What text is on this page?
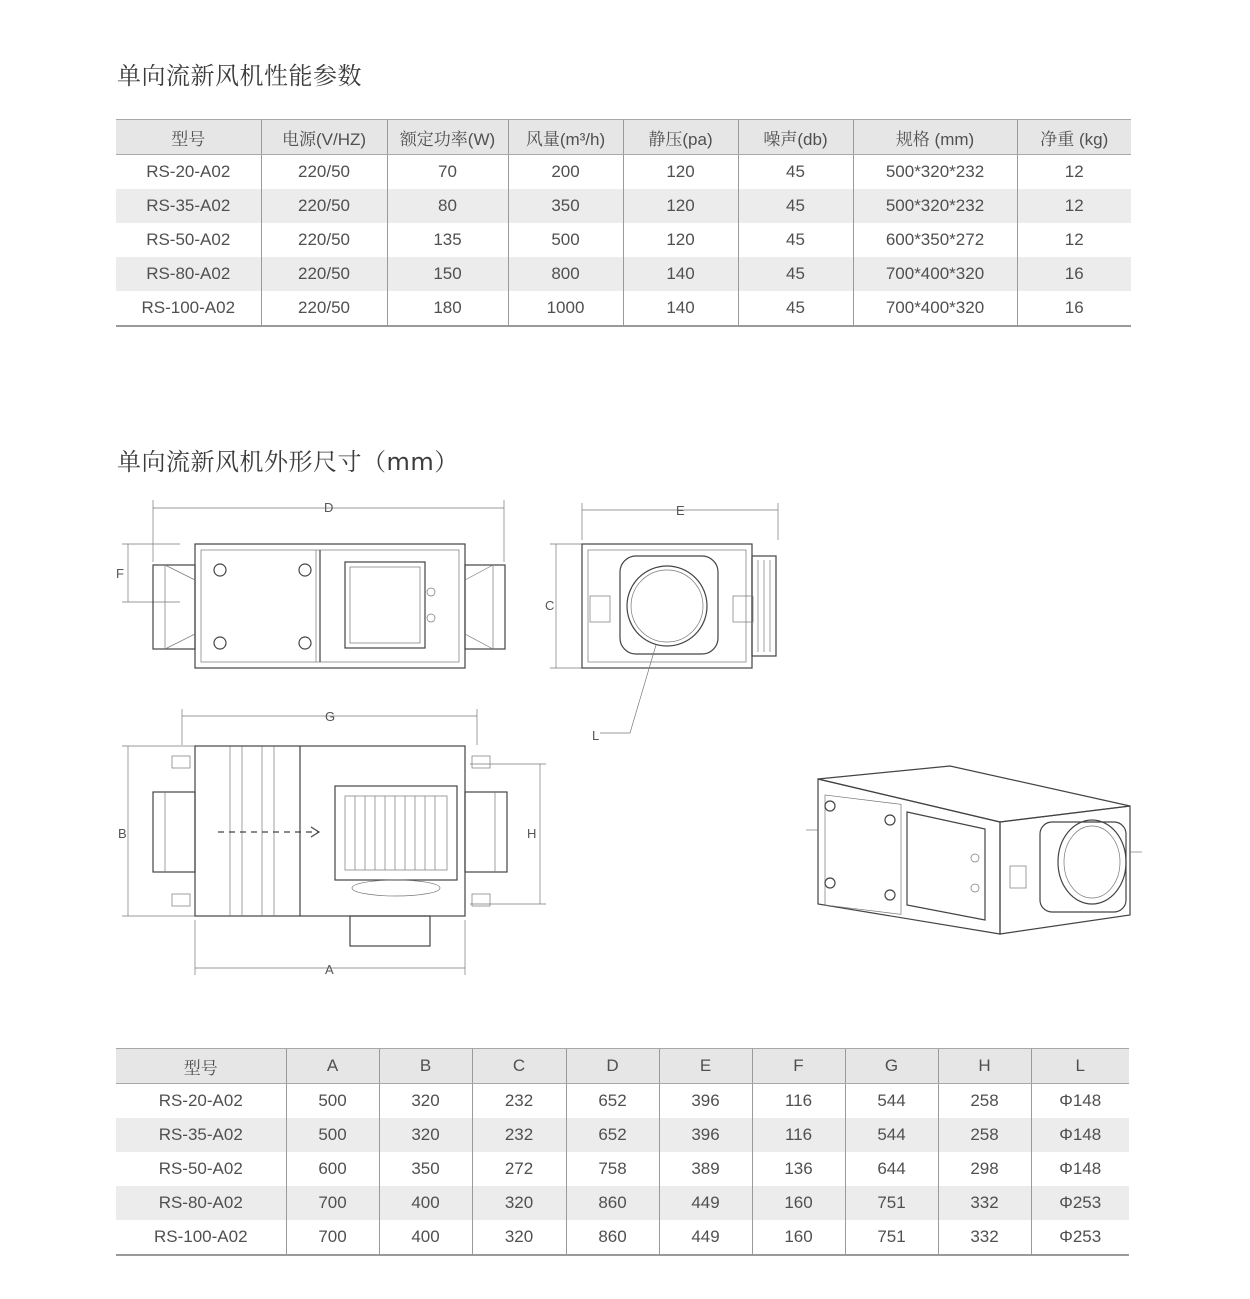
单向流新风机性能参数
型号	电源(V/HZ)	额定功率(W)	风量(m³/h)	静压(pa)	噪声(db)	规格 (mm)	净重 (kg)
RS-20-A02	220/50	70	200	120	45	500*320*232	12
RS-35-A02	220/50	80	350	120	45	500*320*232	12
RS-50-A02	220/50	135	500	120	45	600*350*272	12
RS-80-A02	220/50	150	800	140	45	700*400*320	16
RS-100-A02	220/50	180	1000	140	45	700*400*320	16
单向流新风机外形尺寸（mm）
D
F
E
C
L
G
B	H
A
型号	A	B	C	D	E	F	G	H	L
RS-20-A02	500	320	232	652	396	116	544	258	Φ148
RS-35-A02	500	320	232	652	396	116	544	258	Φ148
RS-50-A02	600	350	272	758	389	136	644	298	Φ148
RS-80-A02	700	400	320	860	449	160	751	332	Φ253
RS-100-A02	700	400	320	860	449	160	751	332	Φ253
